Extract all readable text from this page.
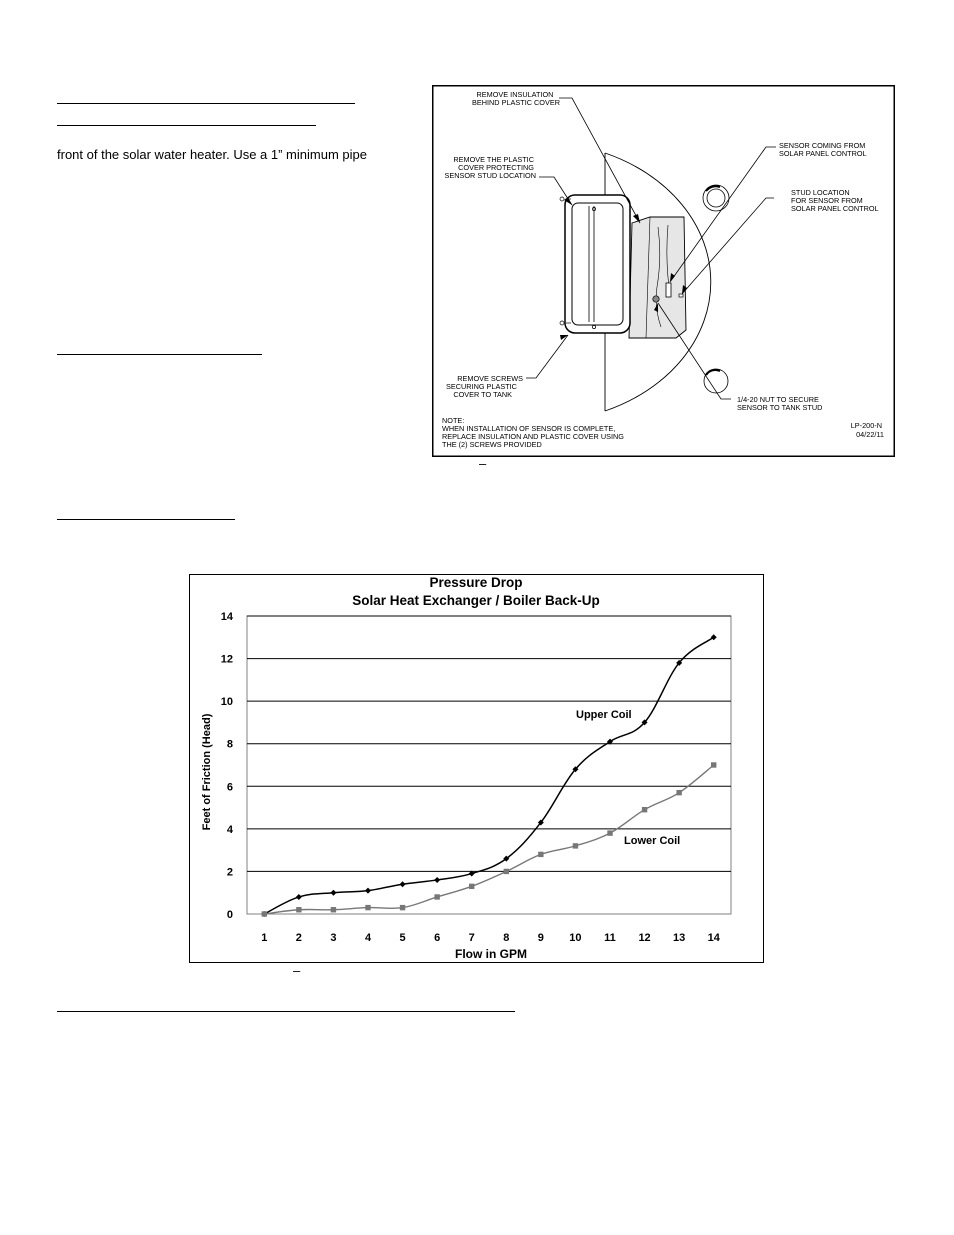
front of the solar water heater. Use a 1” minimum pipe
–
–
REMOVE INSULATION BEHIND PLASTIC COVER
REMOVE THE PLASTIC COVER PROTECTING SENSOR STUD LOCATION
SENSOR COMING FROM SOLAR PANEL CONTROL
STUD LOCATION FOR SENSOR FROM SOLAR PANEL CONTROL
REMOVE SCREWS SECURING PLASTIC COVER TO TANK
1/4-20 NUT TO SECURE SENSOR TO TANK STUD
NOTE: WHEN INSTALLATION OF SENSOR IS COMPLETE, REPLACE INSULATION AND PLASTIC COVER USING THE (2) SCREWS PROVIDED
LP-200-N 04/22/11
Pressure Drop
Solar Heat Exchanger / Boiler Back-Up
Flow in GPM
Feet of Friction (Head)
0
2
4
6
8
10
12
14
1	2	3	4	5	6	7	8	9 10 11 12 13 14
Upper Coil
Lower Coil
